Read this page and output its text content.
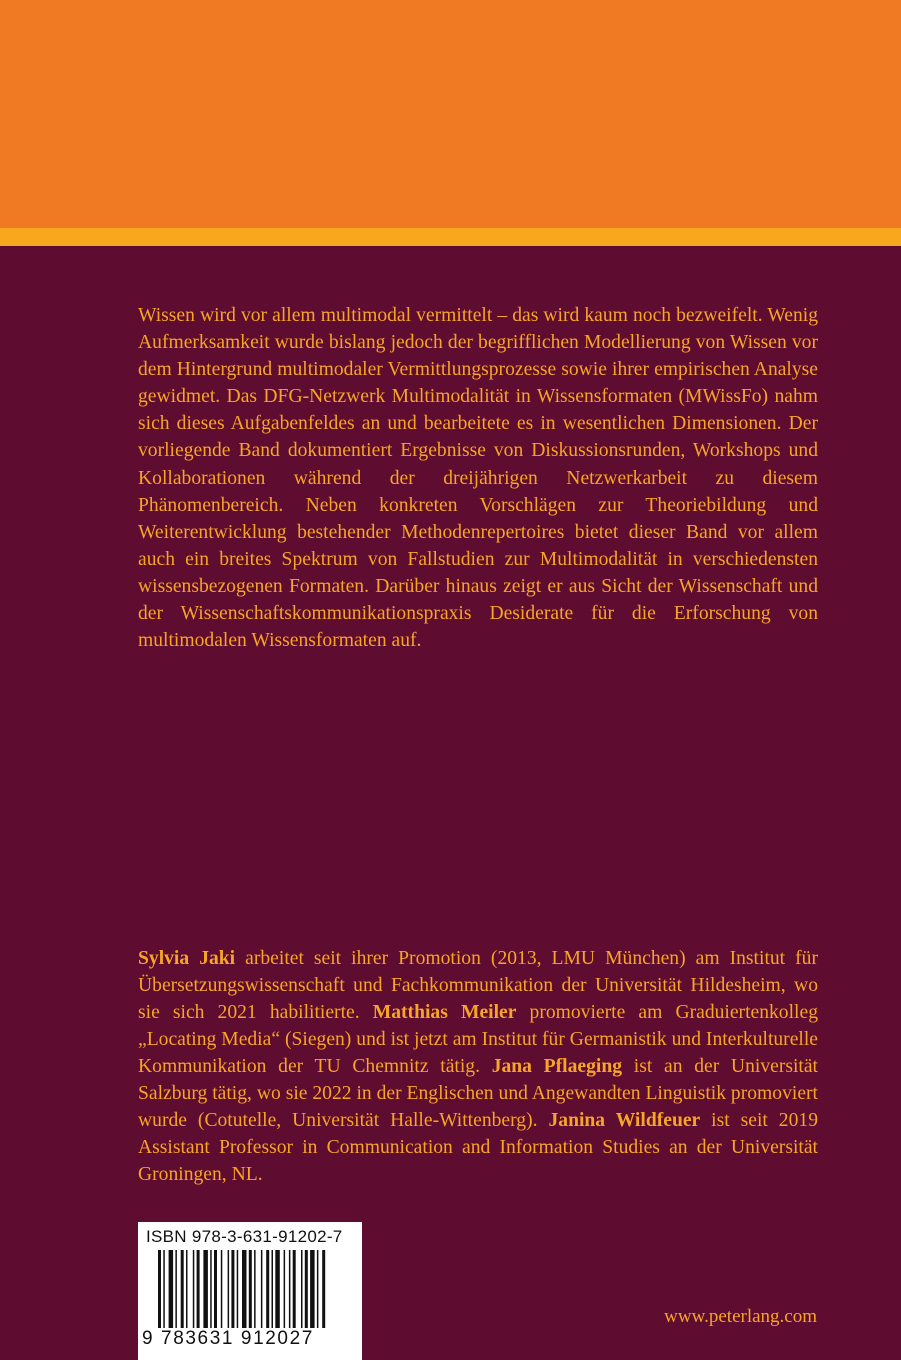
Wissen wird vor allem multimodal vermittelt – das wird kaum noch bezweifelt. Wenig Aufmerksamkeit wurde bislang jedoch der begrifflichen Modellierung von Wissen vor dem Hintergrund multimodaler Vermittlungsprozesse sowie ihrer empirischen Analyse gewidmet. Das DFG-Netzwerk Multimodalität in Wissensformaten (MWissFo) nahm sich dieses Aufgabenfeldes an und bearbeitete es in wesentlichen Dimensionen. Der vorliegende Band dokumentiert Ergebnisse von Diskussionsrunden, Workshops und Kollaborationen während der dreijährigen Netzwerkarbeit zu diesem Phänomenbereich. Neben konkreten Vorschlägen zur Theoriebildung und Weiterentwicklung bestehender Methodenrepertoires bietet dieser Band vor allem auch ein breites Spektrum von Fallstudien zur Multimodalität in verschiedensten wissensbezogenen Formaten. Darüber hinaus zeigt er aus Sicht der Wissenschaft und der Wissenschaftskommunikationspraxis Desiderate für die Erforschung von multimodalen Wissensformaten auf.

Sylvia Jaki arbeitet seit ihrer Promotion (2013, LMU München) am Institut für Übersetzungswissenschaft und Fachkommunikation der Universität Hildesheim, wo sie sich 2021 habilitierte. Matthias Meiler promovierte am Graduiertenkolleg „Locating Media“ (Siegen) und ist jetzt am Institut für Germanistik und Interkulturelle Kommunikation der TU Chemnitz tätig. Jana Pflaeging ist an der Universität Salzburg tätig, wo sie 2022 in der Englischen und Angewandten Linguistik promoviert wurde (Cotutelle, Universität Halle-Wittenberg). Janina Wildfeuer ist seit 2019 Assistant Professor in Communication and Information Studies an der Universität Groningen, NL.

ISBN 978-3-631-91202-7
9 783631 912027
www.peterlang.com
